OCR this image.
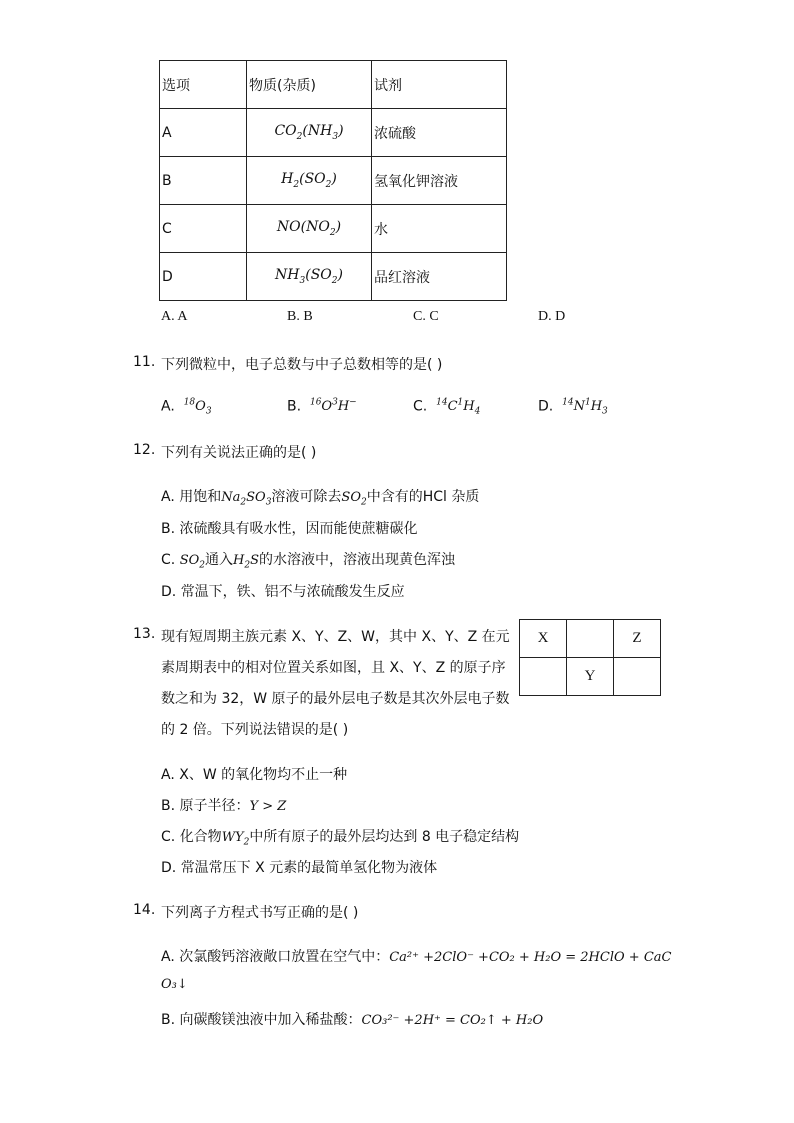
选项	物质(杂质)	试剂
A	$CO_2(NH_3)$	浓硫酸
B	$H_2(SO_2)$	氢氧化钾溶液
C	$NO(NO_2)$	水
D	$NH_3(SO_2)$	品红溶液
A. A	B. B	C. C	D. D
11. 下列微粒中，电子总数与中子总数相等的是( )
A. $^{18}O_3$	B. $^{16}O^3H^-$	C. $^{14}C^1H_4$	D. $^{14}N^1H_3$
12. 下列有关说法正确的是( )
A. 用饱和$Na_2SO_3$溶液可除去$SO_2$中含有的HCl 杂质
B. 浓硫酸具有吸水性，因而能使蔗糖碳化
C. $SO_2$通入$H_2S$的水溶液中，溶液出现黄色浑浊
D. 常温下，铁、铝不与浓硫酸发生反应
13. 现有短周期主族元素 X、Y、Z、W，其中 X、Y、Z 在元
素周期表中的相对位置关系如图，且 X、Y、Z 的原子序
数之和为 32，W 原子的最外层电子数是其次外层电子数
的 2 倍。下列说法错误的是( )
X		Z
	Y	
A. X、W 的氧化物均不止一种
B. 原子半径：Y > Z
C. 化合物$WY_2$中所有原子的最外层均达到 8 电子稳定结构
D. 常温常压下 X 元素的最简单氢化物为液体
14. 下列离子方程式书写正确的是( )
A. 次氯酸钙溶液敞口放置在空气中：Ca²⁺ +2ClO⁻ +CO₂ + H₂O = 2HClO + CaC
O₃↓
B. 向碳酸镁浊液中加入稀盐酸：CO₃²⁻ +2H⁺ = CO₂↑ + H₂O
